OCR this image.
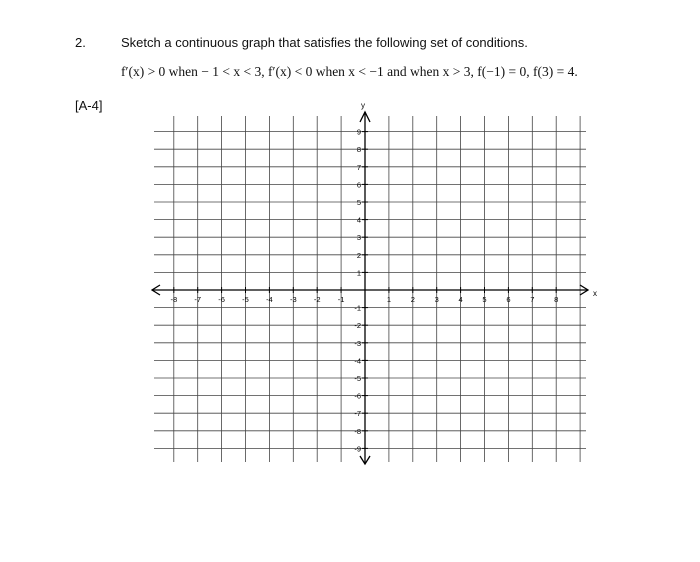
2.	Sketch a continuous graph that satisfies the following set of conditions.
f′(x) > 0 when − 1 < x < 3, f′(x) < 0 when x < −1 and when x > 3, f(−1) = 0, f(3) = 4.
[A-4]
x
y
-8 -7 -6 -5 -4 -3 -2 -1	1	2	3	4	5	6	7	8
9
8
7
6
5
4
3
2
1
-1
-2
-3
-4
-5
-6
-7
-8
-9
